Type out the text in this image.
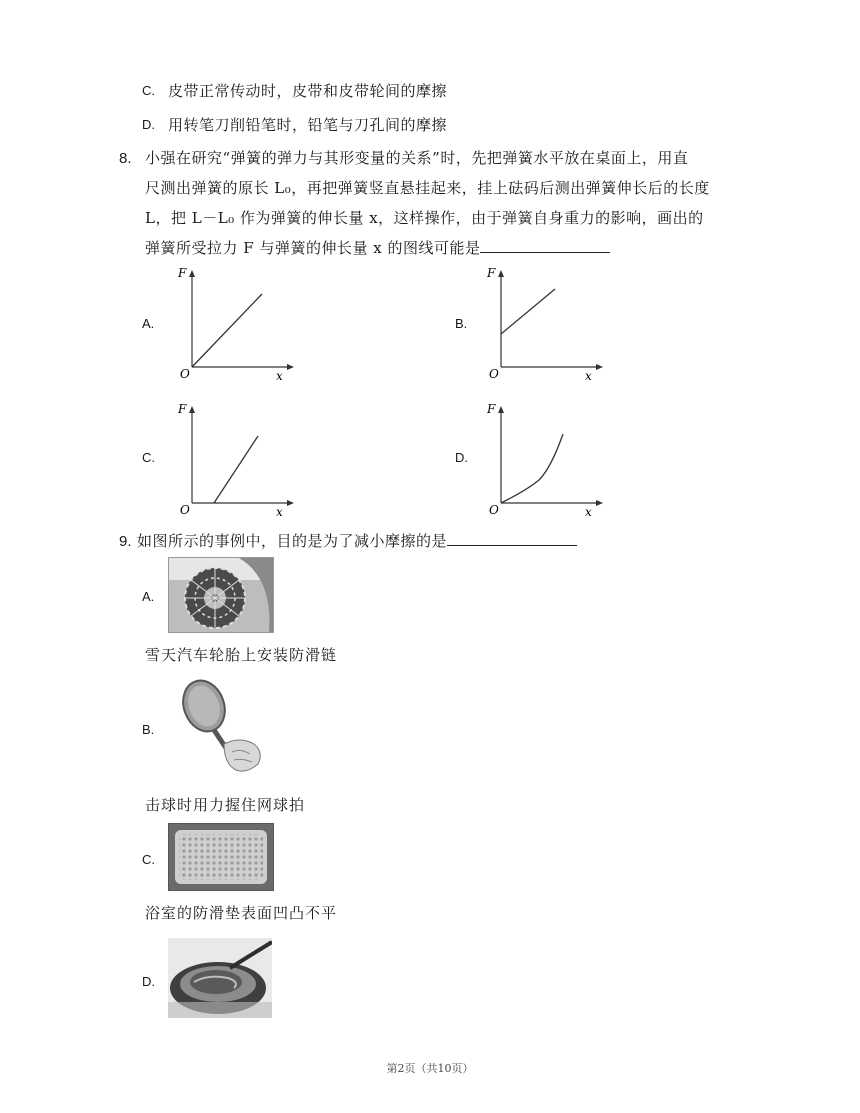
C. 皮带正常传动时，皮带和皮带轮间的摩擦
D. 用转笔刀削铅笔时，铅笔与刀孔间的摩擦
8. 小强在研究“弹簧的弹力与其形变量的关系”时，先把弹簧水平放在桌面上，用直
尺测出弹簧的原长 L₀，再把弹簧竖直悬挂起来，挂上砝码后测出弹簧伸长后的长度
L，把 L－L₀ 作为弹簧的伸长量 x，这样操作，由于弹簧自身重力的影响，画出的
弹簧所受拉力 F 与弹簧的伸长量 x 的图线可能是
A.
F
O	x
B.
F
O	x
C.
F
O	x
D.
F
O	x
9. 如图所示的事例中，目的是为了减小摩擦的是
A.
雪天汽车轮胎上安装防滑链
B.
击球时用力握住网球拍
C.
浴室的防滑垫表面凹凸不平
D.
第2页（共10页）
